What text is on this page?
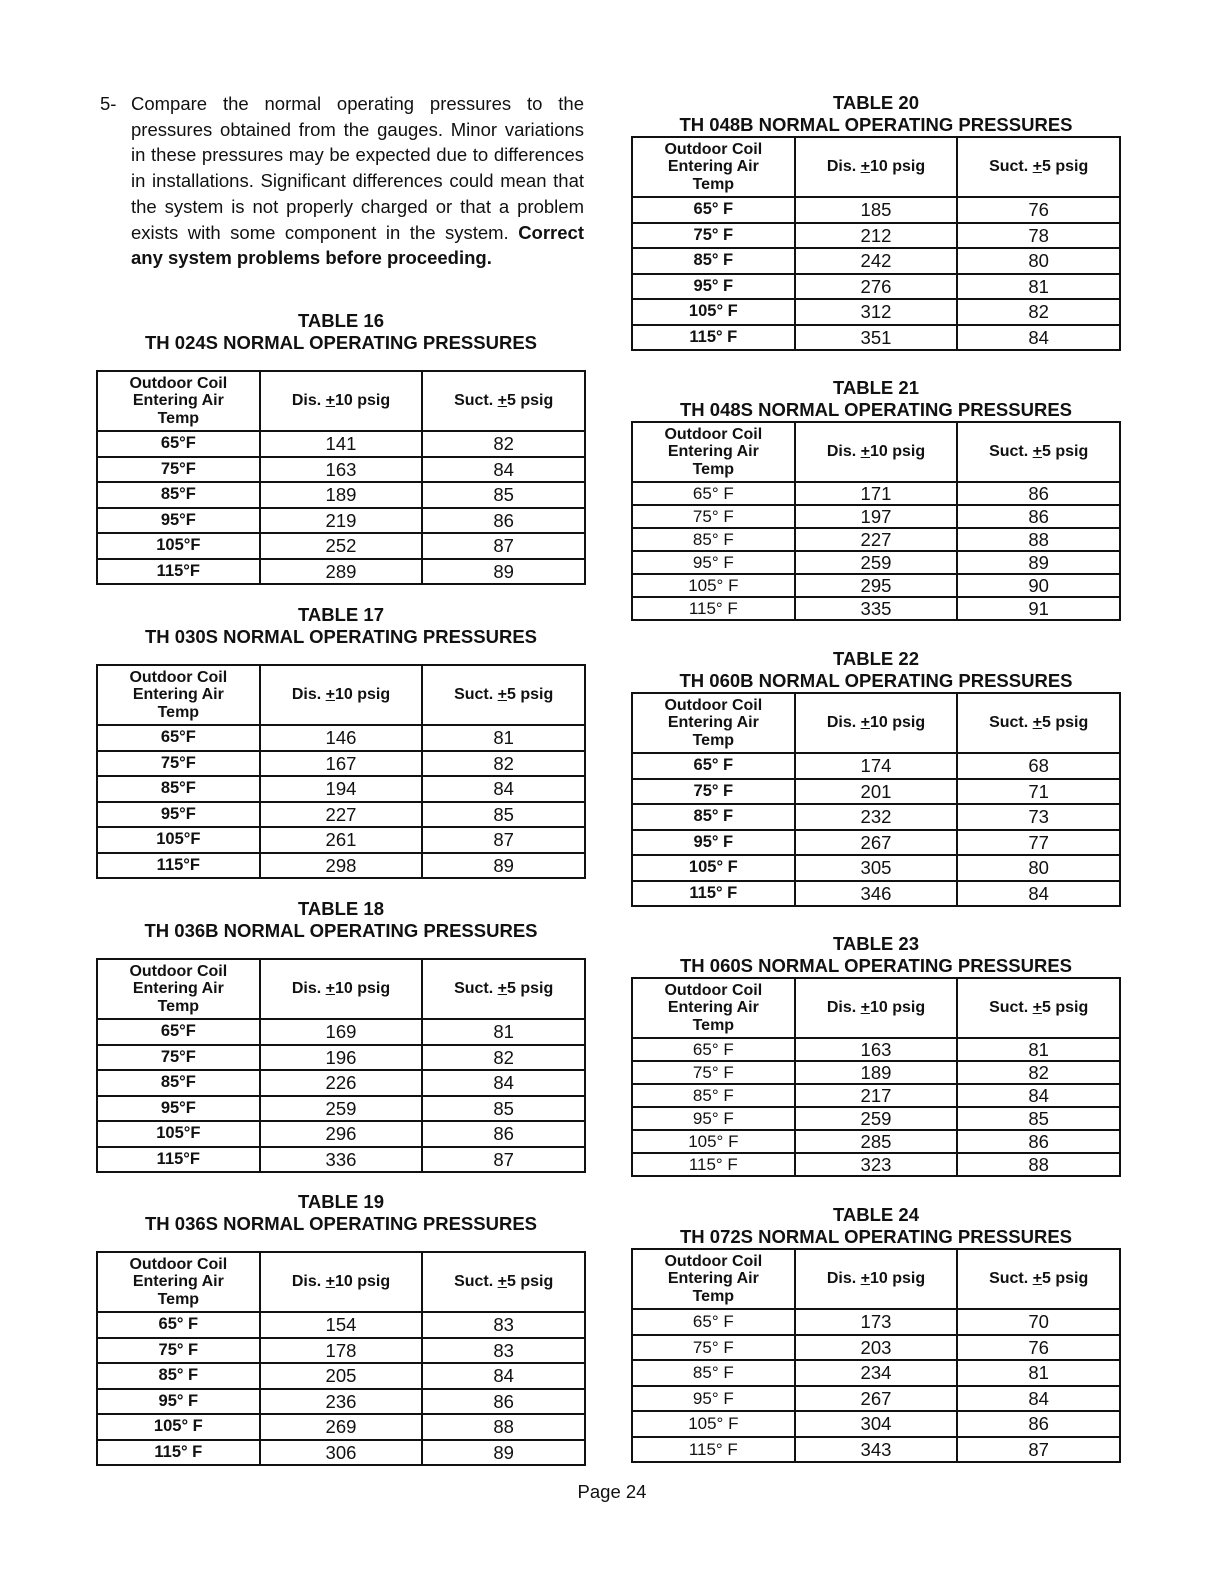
5- Compare the normal operating pressures to the pressures obtained from the gauges. Minor variations in these pressures may be expected due to differences in installations. Significant differences could mean that the system is not properly charged or that a problem exists with some component in the system. Correct any system problems before proceeding.
TABLE 16
TH 024S NORMAL OPERATING PRESSURES
Outdoor Coil
Entering Air
Temp	Dis. +10 psig	Suct. +5 psig
65°F	141	82
75°F	163	84
85°F	189	85
95°F	219	86
105°F	252	87
115°F	289	89
TABLE 17
TH 030S NORMAL OPERATING PRESSURES
Outdoor Coil
Entering Air
Temp	Dis. +10 psig	Suct. +5 psig
65°F	146	81
75°F	167	82
85°F	194	84
95°F	227	85
105°F	261	87
115°F	298	89
TABLE 18
TH 036B NORMAL OPERATING PRESSURES
Outdoor Coil
Entering Air
Temp	Dis. +10 psig	Suct. +5 psig
65°F	169	81
75°F	196	82
85°F	226	84
95°F	259	85
105°F	296	86
115°F	336	87
TABLE 19
TH 036S NORMAL OPERATING PRESSURES
Outdoor Coil
Entering Air
Temp	Dis. +10 psig	Suct. +5 psig
65° F	154	83
75° F	178	83
85° F	205	84
95° F	236	86
105° F	269	88
115° F	306	89
TABLE 20
TH 048B NORMAL OPERATING PRESSURES
Outdoor Coil
Entering Air
Temp	Dis. +10 psig	Suct. +5 psig
65° F	185	76
75° F	212	78
85° F	242	80
95° F	276	81
105° F	312	82
115° F	351	84
TABLE 21
TH 048S NORMAL OPERATING PRESSURES
Outdoor Coil
Entering Air
Temp	Dis. +10 psig	Suct. +5 psig
65° F	171	86
75° F	197	86
85° F	227	88
95° F	259	89
105° F	295	90
115° F	335	91
TABLE 22
TH 060B NORMAL OPERATING PRESSURES
Outdoor Coil
Entering Air
Temp	Dis. +10 psig	Suct. +5 psig
65° F	174	68
75° F	201	71
85° F	232	73
95° F	267	77
105° F	305	80
115° F	346	84
TABLE 23
TH 060S NORMAL OPERATING PRESSURES
Outdoor Coil
Entering Air
Temp	Dis. +10 psig	Suct. +5 psig
65° F	163	81
75° F	189	82
85° F	217	84
95° F	259	85
105° F	285	86
115° F	323	88
TABLE 24
TH 072S NORMAL OPERATING PRESSURES
Outdoor Coil
Entering Air
Temp	Dis. +10 psig	Suct. +5 psig
65° F	173	70
75° F	203	76
85° F	234	81
95° F	267	84
105° F	304	86
115° F	343	87
Page 24
